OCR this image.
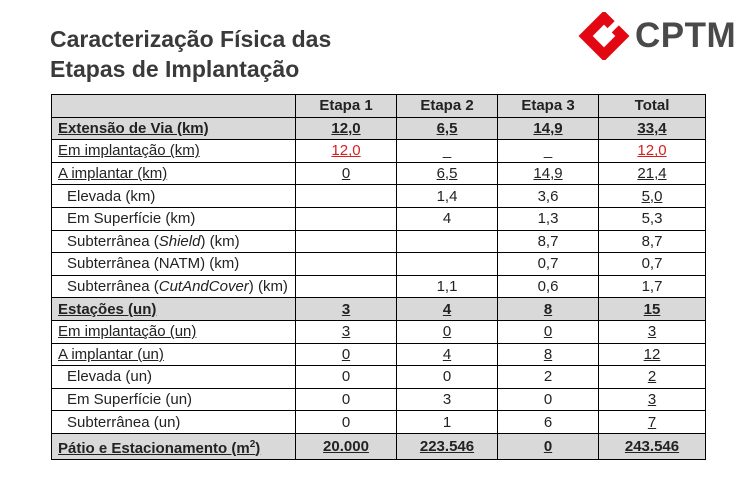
Caracterização Física das
Etapas de Implantação
CPTM
	Etapa 1	Etapa 2	Etapa 3	Total
Extensão de Via (km)	12,0	6,5	14,9	33,4
Em implantação (km)	12,0	_	_	12,0
A implantar (km)	0	6,5	14,9	21,4
Elevada (km)		1,4	3,6	5,0
Em Superfície (km)		4	1,3	5,3
Subterrânea (Shield) (km)			8,7	8,7
Subterrânea (NATM) (km)			0,7	0,7
Subterrânea (CutAndCover) (km)		1,1	0,6	1,7
Estações (un)	3	4	8	15
Em implantação (un)	3	0	0	3
A implantar (un)	0	4	8	12
Elevada (un)	0	0	2	2
Em Superfície (un)	0	3	0	3
Subterrânea (un)	0	1	6	7
Pátio e Estacionamento $(m^2)$	20.000	223.546	0	243.546
